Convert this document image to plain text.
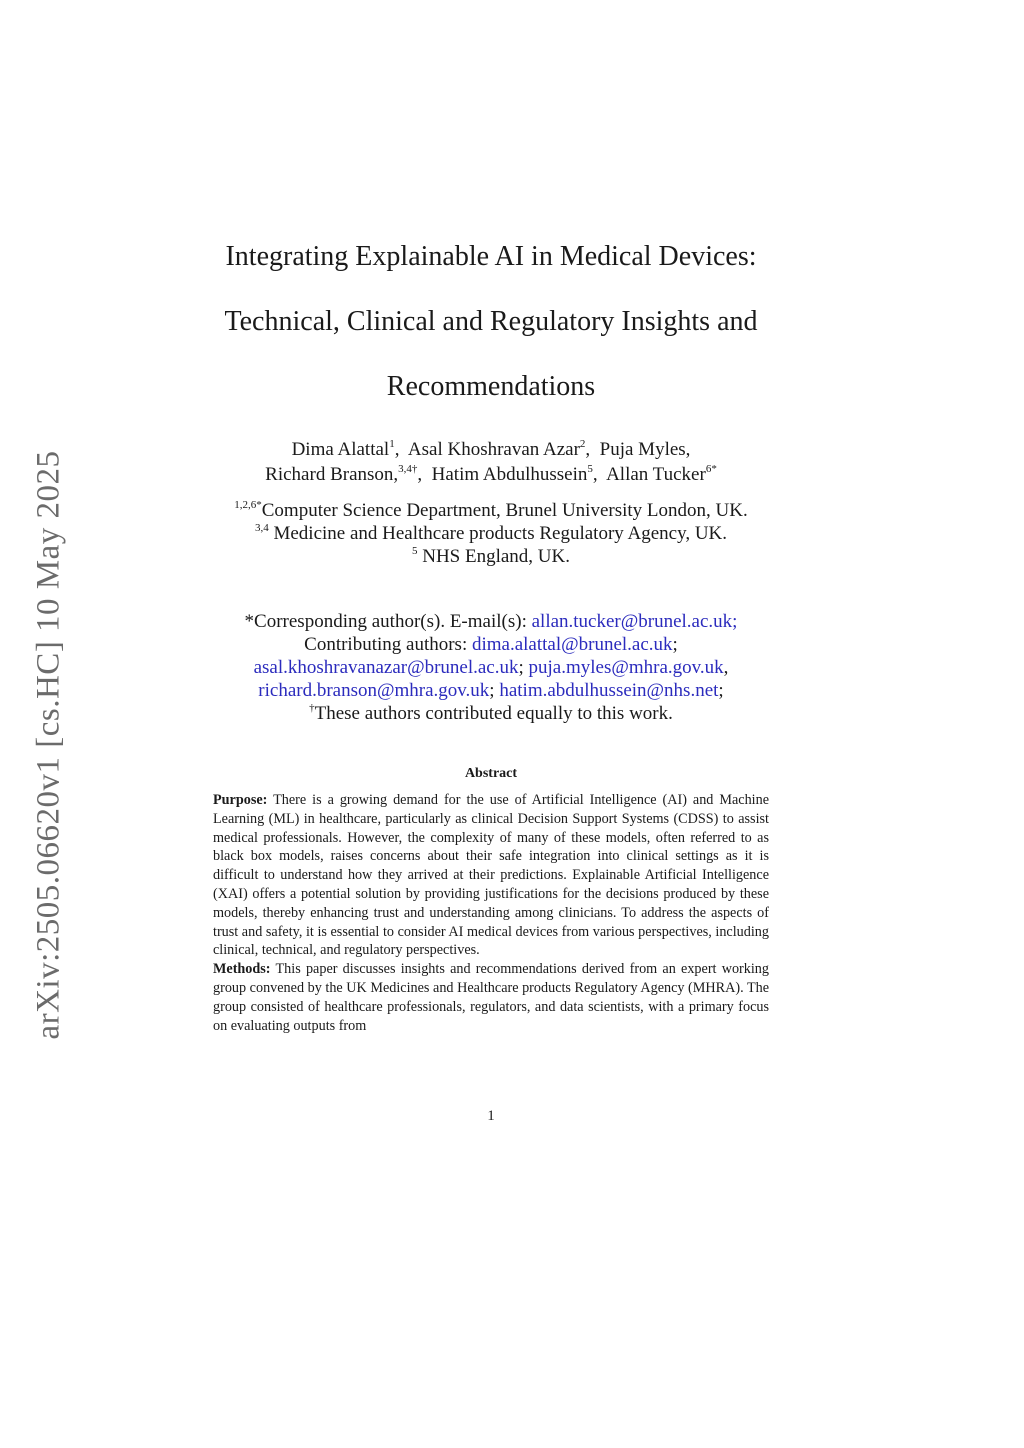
arXiv:2505.06620v1 [cs.HC] 10 May 2025
Integrating Explainable AI in Medical Devices:
Technical, Clinical and Regulatory Insights and
Recommendations
Dima Alattal$^1$,  Asal Khoshravan Azar$^2$,  Puja Myles,
Richard Branson,$^{3,4\dagger}$,  Hatim Abdulhussein$^5$,  Allan Tucker$^{6*}$
$^{1,2,6*}$Computer Science Department, Brunel University London, UK.
$^{3,4}$ Medicine and Healthcare products Regulatory Agency, UK.
$^5$ NHS England, UK.
*Corresponding author(s). E-mail(s): allan.tucker@brunel.ac.uk;
Contributing authors: dima.alattal@brunel.ac.uk;
asal.khoshravanazar@brunel.ac.uk; puja.myles@mhra.gov.uk,
richard.branson@mhra.gov.uk; hatim.abdulhussein@nhs.net;
†These authors contributed equally to this work.
Abstract

Purpose: There is a growing demand for the use of Artificial Intelligence (AI) and Machine Learning (ML) in healthcare, particularly as clinical Decision Support Systems (CDSS) to assist medical professionals. However, the complexity of many of these models, often referred to as black box models, raises concerns about their safe integration into clinical settings as it is difficult to understand how they arrived at their predictions. Explainable Artificial Intelligence (XAI) offers a potential solution by providing justifications for the decisions produced by these models, thereby enhancing trust and understanding among clinicians. To address the aspects of trust and safety, it is essential to consider AI medical devices from various perspectives, including clinical, technical, and regulatory perspectives.

Methods: This paper discusses insights and recommendations derived from an expert working group convened by the UK Medicines and Healthcare products Regulatory Agency (MHRA). The group consisted of healthcare professionals, regulators, and data scientists, with a primary focus on evaluating outputs from

1
